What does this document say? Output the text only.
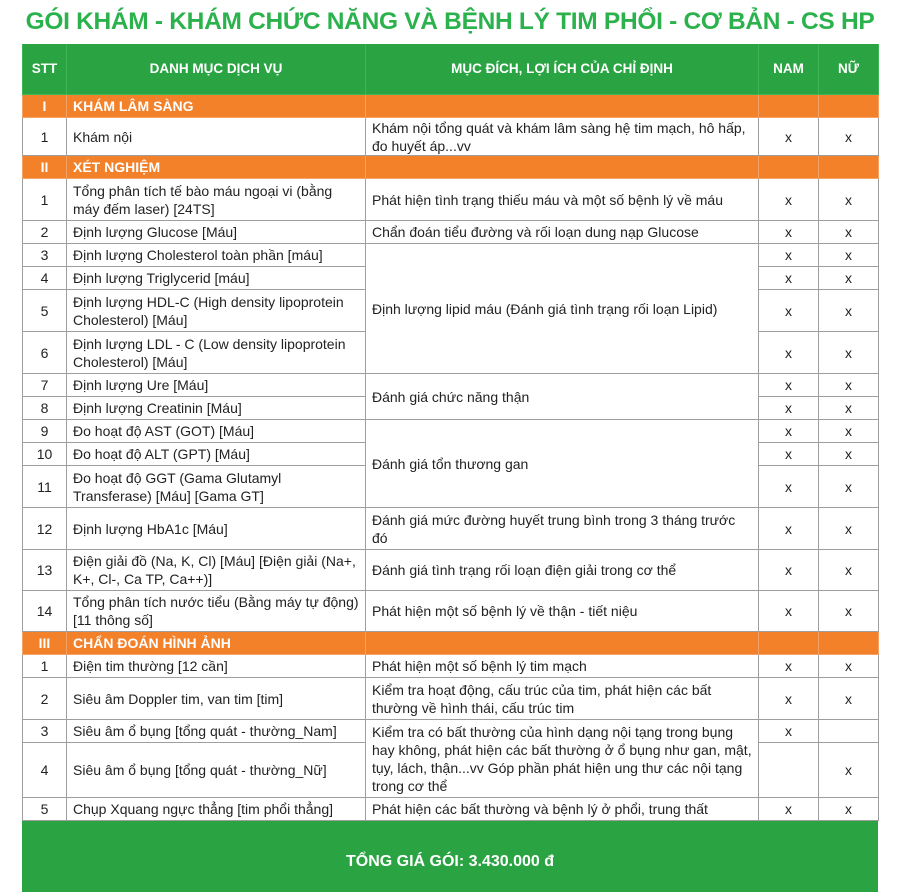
GÓI KHÁM - KHÁM CHỨC NĂNG VÀ BỆNH LÝ TIM PHỔI - CƠ BẢN - CS HP
STT	DANH MỤC DỊCH VỤ	MỤC ĐÍCH, LỢI ÍCH CỦA CHỈ ĐỊNH	NAM	NỮ
I	KHÁM LÂM SÀNG			
1	Khám nội	Khám nội tổng quát và khám lâm sàng hệ tim mạch, hô hấp, đo huyết áp...vv	x	x
II	XÉT NGHIỆM			
1	Tổng phân tích tế bào máu ngoại vi (bằng máy đếm laser) [24TS]	Phát hiện tình trạng thiếu máu và một số bệnh lý về máu	x	x
2	Định lượng Glucose [Máu]	Chẩn đoán tiểu đường và rối loạn dung nạp Glucose	x	x
3	Định lượng Cholesterol toàn phần [máu]	Định lượng lipid máu (Đánh giá tình trạng rối loạn Lipid)	x	x
4	Định lượng Triglycerid [máu]		x	x
5	Định lượng HDL-C (High density lipoprotein Cholesterol) [Máu]		x	x
6	Định lượng LDL - C (Low density lipoprotein Cholesterol) [Máu]		x	x
7	Định lượng Ure [Máu]	Đánh giá chức năng thận	x	x
8	Định lượng Creatinin [Máu]		x	x
9	Đo hoạt độ AST (GOT) [Máu]	Đánh giá tổn thương gan	x	x
10	Đo hoạt độ ALT (GPT) [Máu]		x	x
11	Đo hoạt độ GGT (Gama Glutamyl Transferase) [Máu] [Gama GT]		x	x
12	Định lượng HbA1c [Máu]	Đánh giá mức đường huyết trung bình trong 3 tháng trước đó	x	x
13	Điện giải đồ (Na, K, Cl) [Máu] [Điện giải (Na+, K+, Cl-, Ca TP, Ca++)]	Đánh giá tình trạng rối loạn điện giải trong cơ thể	x	x
14	Tổng phân tích nước tiểu (Bằng máy tự động) [11 thông số]	Phát hiện một số bệnh lý về thận - tiết niệu	x	x
III	CHẨN ĐOÁN HÌNH ẢNH			
1	Điện tim thường [12 cần]	Phát hiện một số bệnh lý tim mạch	x	x
2	Siêu âm Doppler tim, van tim [tim]	Kiểm tra hoạt động, cấu trúc của tim, phát hiện các bất thường về hình thái, cấu trúc tim	x	x
3	Siêu âm ổ bụng [tổng quát - thường_Nam]	Kiểm tra có bất thường của hình dạng nội tạng trong bụng hay không, phát hiện các bất thường ở ổ bụng như gan, mật, tụy, lách, thận...vv Góp phần phát hiện ung thư các nội tạng trong cơ thể	x	
4	Siêu âm ổ bụng [tổng quát - thường_Nữ]			x
5	Chụp Xquang ngực thẳng [tim phổi thẳng]	Phát hiện các bất thường và bệnh lý ở phổi, trung thất	x	x
TỔNG GIÁ GÓI: 3.430.000 đ
